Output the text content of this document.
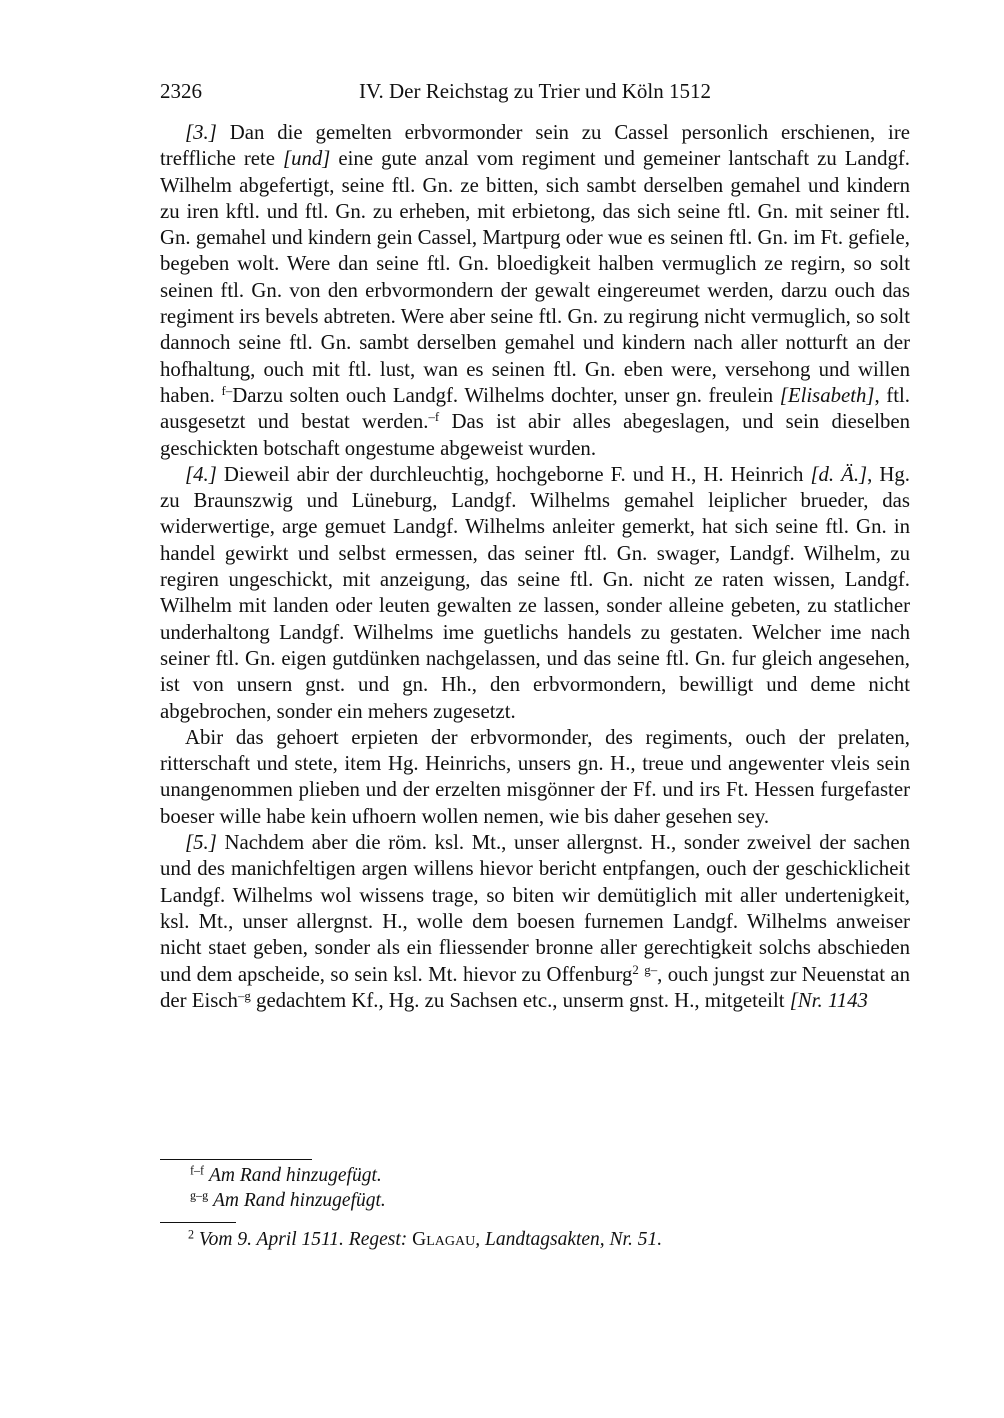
2326	IV. Der Reichstag zu Trier und Köln 1512

[3.] Dan die gemelten erbvormonder sein zu Cassel personlich erschienen, ire treffliche rete [und] eine gute anzal vom regiment und gemeiner lantschaft zu Landgf. Wilhelm abgefertigt, seine ftl. Gn. ze bitten, sich sambt derselben gemahel und kindern zu iren kftl. und ftl. Gn. zu erheben, mit erbietong, das sich seine ftl. Gn. mit seiner ftl. Gn. gemahel und kindern gein Cassel, Martpurg oder wue es seinen ftl. Gn. im Ft. gefiele, begeben wolt. Were dan seine ftl. Gn. bloedigkeit halben vermuglich ze regirn, so solt seinen ftl. Gn. von den erbvormondern der gewalt eingereumet werden, darzu ouch das regiment irs bevels abtreten. Were aber seine ftl. Gn. zu regirung nicht vermuglich, so solt dannoch seine ftl. Gn. sambt derselben gemahel und kindern nach aller notturft an der hofhaltung, ouch mit ftl. lust, wan es seinen ftl. Gn. eben were, versehong und willen haben. $^{f-}$Darzu solten ouch Landgf. Wilhelms dochter, unser gn. freulein [Elisabeth], ftl. ausgesetzt und bestat werden.$^{-f}$ Das ist abir alles abegeslagen, und sein dieselben geschickten botschaft ongestume abgeweist wurden.

[4.] Dieweil abir der durchleuchtig, hochgeborne F. und H., H. Heinrich [d. Ä.], Hg. zu Braunszwig und Lüneburg, Landgf. Wilhelms gemahel leiplicher brueder, das widerwertige, arge gemuet Landgf. Wilhelms anleiter gemerkt, hat sich seine ftl. Gn. in handel gewirkt und selbst ermessen, das seiner ftl. Gn. swager, Landgf. Wilhelm, zu regiren ungeschickt, mit anzeigung, das seine ftl. Gn. nicht ze raten wissen, Landgf. Wilhelm mit landen oder leuten gewalten ze lassen, sonder alleine gebeten, zu statlicher underhaltong Landgf. Wilhelms ime guetlichs handels zu gestaten. Welcher ime nach seiner ftl. Gn. eigen gutdünken nachgelassen, und das seine ftl. Gn. fur gleich angesehen, ist von unsern gnst. und gn. Hh., den erbvormondern, bewilligt und deme nicht abgebrochen, sonder ein mehers zugesetzt.

Abir das gehoert erpieten der erbvormonder, des regiments, ouch der prelaten, ritterschaft und stete, item Hg. Heinrichs, unsers gn. H., treue und angewenter vleis sein unangenommen plieben und der erzelten misgönner der Ff. und irs Ft. Hessen furgefaster boeser wille habe kein ufhoern wollen nemen, wie bis daher gesehen sey.

[5.] Nachdem aber die röm. ksl. Mt., unser allergnst. H., sonder zweivel der sachen und des manichfeltigen argen willens hievor bericht entpfangen, ouch der geschicklicheit Landgf. Wilhelms wol wissens trage, so biten wir demütiglich mit aller undertenigkeit, ksl. Mt., unser allergnst. H., wolle dem boesen furnemen Landgf. Wilhelms anweiser nicht staet geben, sonder als ein fliessender bronne aller gerechtigkeit solchs abschieden und dem apscheide, so sein ksl. Mt. hievor zu Offenburg$^2$ $^{g-}$, ouch jungst zur Neuenstat an der Eisch$^{-g}$ gedachtem Kf., Hg. zu Sachsen etc., unserm gnst. H., mitgeteilt [Nr. 1143

$^{f-f}$ Am Rand hinzugefügt.
$^{g-g}$ Am Rand hinzugefügt.
$^2$ Vom 9. April 1511. Regest: Glagau, Landtagsakten, Nr. 51.
